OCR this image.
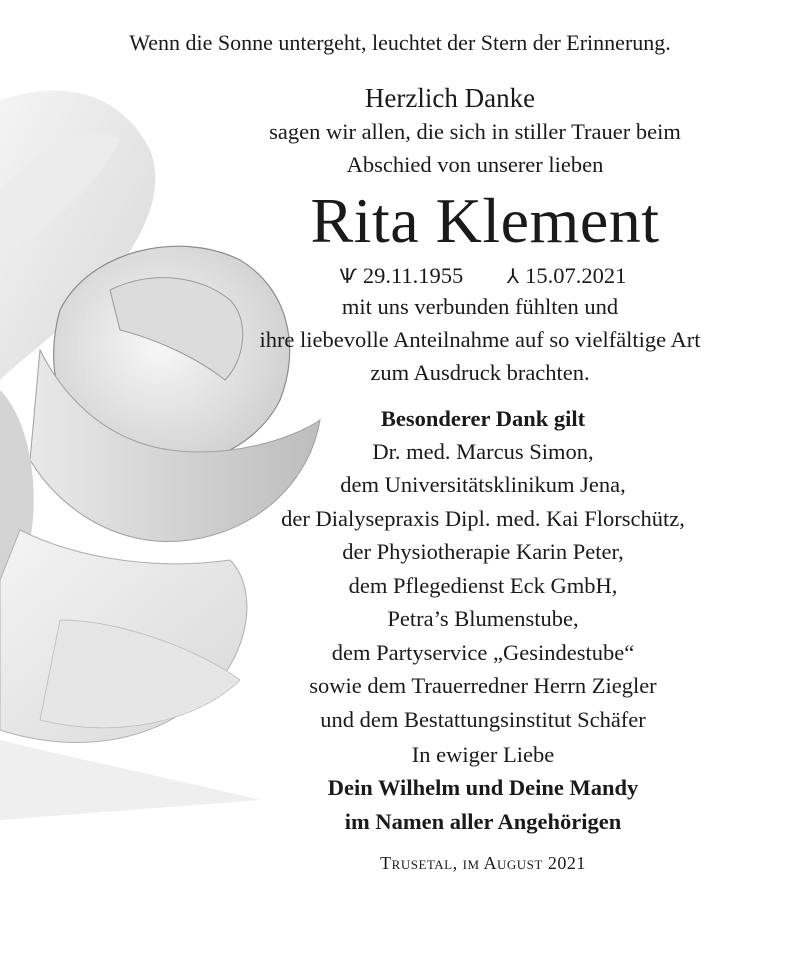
Wenn die Sonne untergeht, leuchtet der Stern der Erinnerung.

Herzlich Danke

sagen wir allen, die sich in stiller Trauer beim

Abschied von unserer lieben

Rita Klement

Ѱ 29.11.1955 ⅄ 15.07.2021

mit uns verbunden fühlten und

ihre liebevolle Anteilnahme auf so vielfältige Art

zum Ausdruck brachten.

Besonderer Dank gilt

Dr. med. Marcus Simon,

dem Universitätsklinikum Jena,

der Dialysepraxis Dipl. med. Kai Florschütz,

der Physiotherapie Karin Peter,

dem Pflegedienst Eck GmbH,

Petra’s Blumenstube,

dem Partyservice „Gesindestube“

sowie dem Trauerredner Herrn Ziegler

und dem Bestattungsinstitut Schäfer

In ewiger Liebe

Dein Wilhelm und Deine Mandy

im Namen aller Angehörigen

Trusetal, im August 2021
